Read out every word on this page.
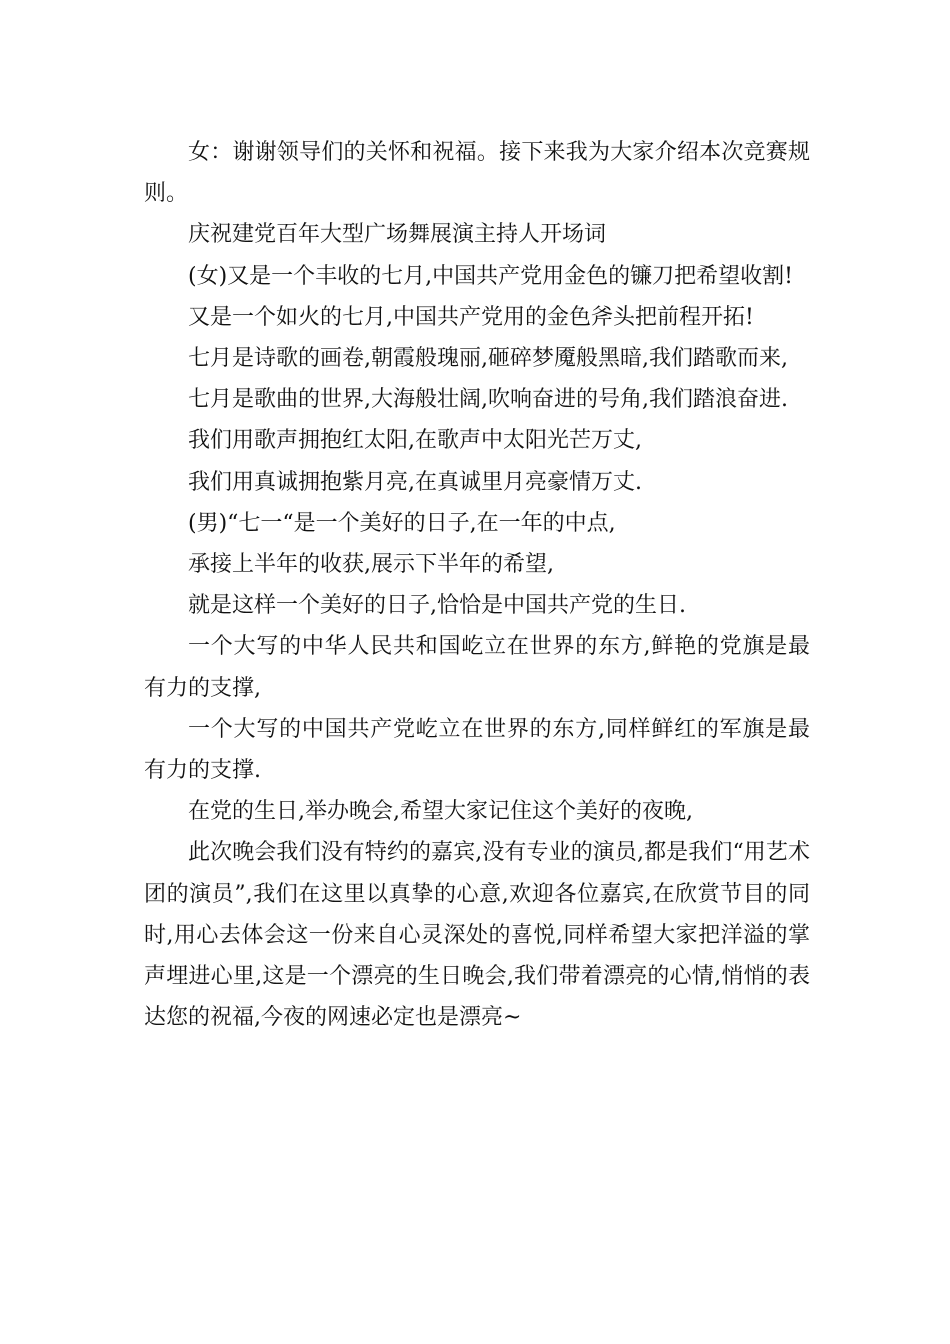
女：谢谢领导们的关怀和祝福。接下来我为大家介绍本次竞赛规则。

庆祝建党百年大型广场舞展演主持人开场词

(女)又是一个丰收的七月,中国共产党用金色的镰刀把希望收割!

又是一个如火的七月,中国共产党用的金色斧头把前程开拓!

七月是诗歌的画卷,朝霞般瑰丽,砸碎梦魇般黑暗,我们踏歌而来,

七月是歌曲的世界,大海般壮阔,吹响奋进的号角,我们踏浪奋进.

我们用歌声拥抱红太阳,在歌声中太阳光芒万丈,

我们用真诚拥抱紫月亮,在真诚里月亮豪情万丈.

(男)“七一“是一个美好的日子,在一年的中点,

承接上半年的收获,展示下半年的希望,

就是这样一个美好的日子,恰恰是中国共产党的生日.

一个大写的中华人民共和国屹立在世界的东方,鲜艳的党旗是最有力的支撑,

一个大写的中国共产党屹立在世界的东方,同样鲜红的军旗是最有力的支撑.

在党的生日,举办晚会,希望大家记住这个美好的夜晚,

此次晚会我们没有特约的嘉宾,没有专业的演员,都是我们“用艺术团的演员”,我们在这里以真挚的心意,欢迎各位嘉宾,在欣赏节目的同时,用心去体会这一份来自心灵深处的喜悦,同样希望大家把洋溢的掌声埋进心里,这是一个漂亮的生日晚会,我们带着漂亮的心情,悄悄的表达您的祝福,今夜的网速必定也是漂亮~
